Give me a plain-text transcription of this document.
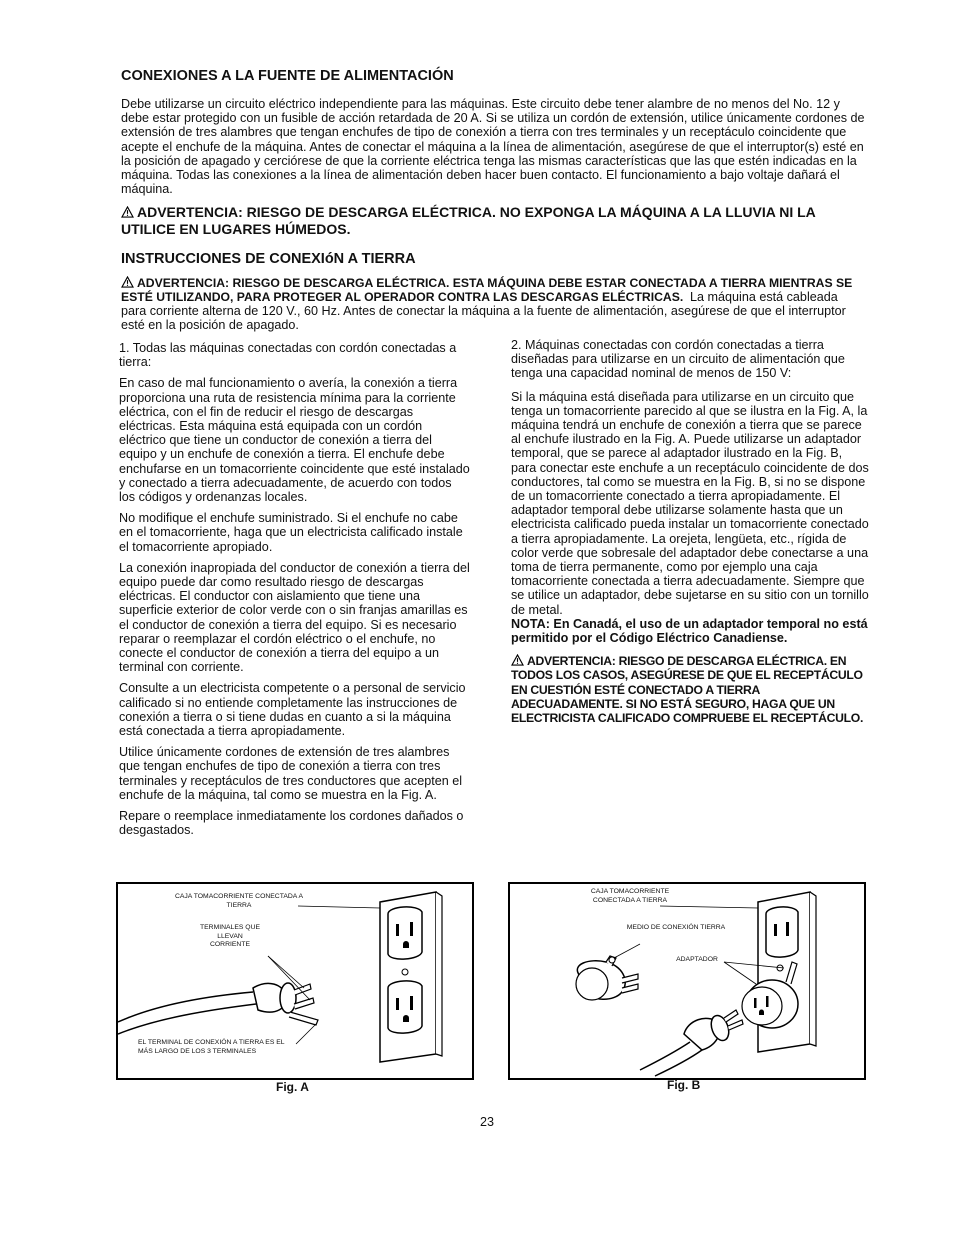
CONEXIONES A LA FUENTE DE ALIMENTACIÓN

Debe utilizarse un circuito eléctrico independiente para las máquinas. Este circuito debe tener alambre de no menos del No. 12 y debe estar protegido con un fusible de acción retardada de 20 A. Si se utiliza un cordón de extensión, utilice únicamente cordones de extensión de tres alambres que tengan enchufes de tipo de conexión a tierra con tres terminales y un receptáculo coincidente que acepte el enchufe de la máquina. Antes de conectar el máquina a la línea de alimentación, asegúrese de que el interruptor(s) esté en la posición de apagado y cerciórese de que la corriente eléctrica tenga las mismas características que las que estén indicadas en la máquina. Todas las conexiones a la línea de alimentación deben hacer buen contacto. El funcionamiento a bajo voltaje dañará el máquina.

ADVERTENCIA: RIESGO DE DESCARGA ELÉCTRICA. NO EXPONGA LA MÁQUINA A LA LLUVIA NI LA UTILICE EN LUGARES HÚMEDOS.
INSTRUCCIONES DE CONEXIóN A TIERRA
ADVERTENCIA: RIESGO DE DESCARGA ELÉCTRICA. ESTA MÁQUINA DEBE ESTAR CONECTADA A TIERRA MIENTRAS SE ESTÉ UTILIZANDO, PARA PROTEGER AL OPERADOR CONTRA LAS DESCARGAS ELÉCTRICAS. La máquina está cableada para corriente alterna de 120 V., 60 Hz. Antes de conectar la máquina a la fuente de alimentación, asegúrese de que el interruptor esté en la posición de apagado.

1. Todas las máquinas conectadas con cordón conectadas a tierra:

En caso de mal funcionamiento o avería, la conexión a tierra proporciona una ruta de resistencia mínima para la corriente eléctrica, con el fin de reducir el riesgo de descargas eléctricas. Esta máquina está equipada con un cordón eléctrico que tiene un conductor de conexión a tierra del equipo y un enchufe de conexión a tierra. El enchufe debe enchufarse en un tomacorriente coincidente que esté instalado y conectado a tierra adecuadamente, de acuerdo con todos los códigos y ordenanzas locales.

No modifique el enchufe suministrado. Si el enchufe no cabe en el tomacorriente, haga que un electricista calificado instale el tomacorriente apropiado.

La conexión inapropiada del conductor de conexión a tierra del equipo puede dar como resultado riesgo de descargas eléctricas. El conductor con aislamiento que tiene una superficie exterior de color verde con o sin franjas amarillas es el conductor de conexión a tierra del equipo. Si es necesario reparar o reemplazar el cordón eléctrico o el enchufe, no conecte el conductor de conexión a tierra del equipo a un terminal con corriente.

Consulte a un electricista competente o a personal de servicio calificado si no entiende completamente las instrucciones de conexión a tierra o si tiene dudas en cuanto a si la máquina está conectada a tierra apropiadamente.

Utilice únicamente cordones de extensión de tres alambres que tengan enchufes de tipo de conexión a tierra con tres terminales y receptáculos de tres conductores que acepten el enchufe de la máquina, tal como se muestra en la Fig. A.

Repare o reemplace inmediatamente los cordones dañados o desgastados.

2. Máquinas conectadas con cordón conectadas a tierra diseñadas para utilizarse en un circuito de alimentación que tenga una capacidad nominal de menos de 150 V:

Si la máquina está diseñada para utilizarse en un circuito que tenga un tomacorriente parecido al que se ilustra en la Fig. A, la máquina tendrá un enchufe de conexión a tierra que se parece al enchufe ilustrado en la Fig. A. Puede utilizarse un adaptador temporal, que se parece al adaptador ilustrado en la Fig. B, para conectar este enchufe a un receptáculo coincidente de dos conductores, tal como se muestra en la Fig. B, si no se dispone de un tomacorriente conectado a tierra apropiadamente. El adaptador temporal debe utilizarse solamente hasta que un electricista calificado pueda instalar un tomacorriente conectado a tierra apropiadamente. La orejeta, lengüeta, etc., rígida de color verde que sobresale del adaptador debe conectarse a una toma de tierra permanente, como por ejemplo una caja tomacorriente conectada a tierra adecuadamente. Siempre que se utilice un adaptador, debe sujetarse en su sitio con un tornillo de metal.

NOTA: En Canadá, el uso de un adaptador temporal no está permitido por el Código Eléctrico Canadiense.

ADVERTENCIA: RIESGO DE DESCARGA ELÉCTRICA. EN TODOS LOS CASOS, ASEGÚRESE DE QUE EL RECEPTÁCULO EN CUESTIÓN ESTÉ CONECTADO A TIERRA ADECUADAMENTE. SI NO ESTÁ SEGURO, HAGA QUE UN ELECTRICISTA CALIFICADO COMPRUEBE EL RECEPTÁCULO.
CAJA TOMACORRIENTE CONECTADA A TIERRA
TERMINALES QUE LLEVAN CORRIENTE
EL TERMINAL DE CONEXIÓN A TIERRA ES EL MÁS LARGO DE LOS 3 TERMINALES
Fig. A
CAJA TOMACORRIENTE CONECTADA A TIERRA
MEDIO DE CONEXIÓN TIERRA
ADAPTADOR
Fig. B
23
